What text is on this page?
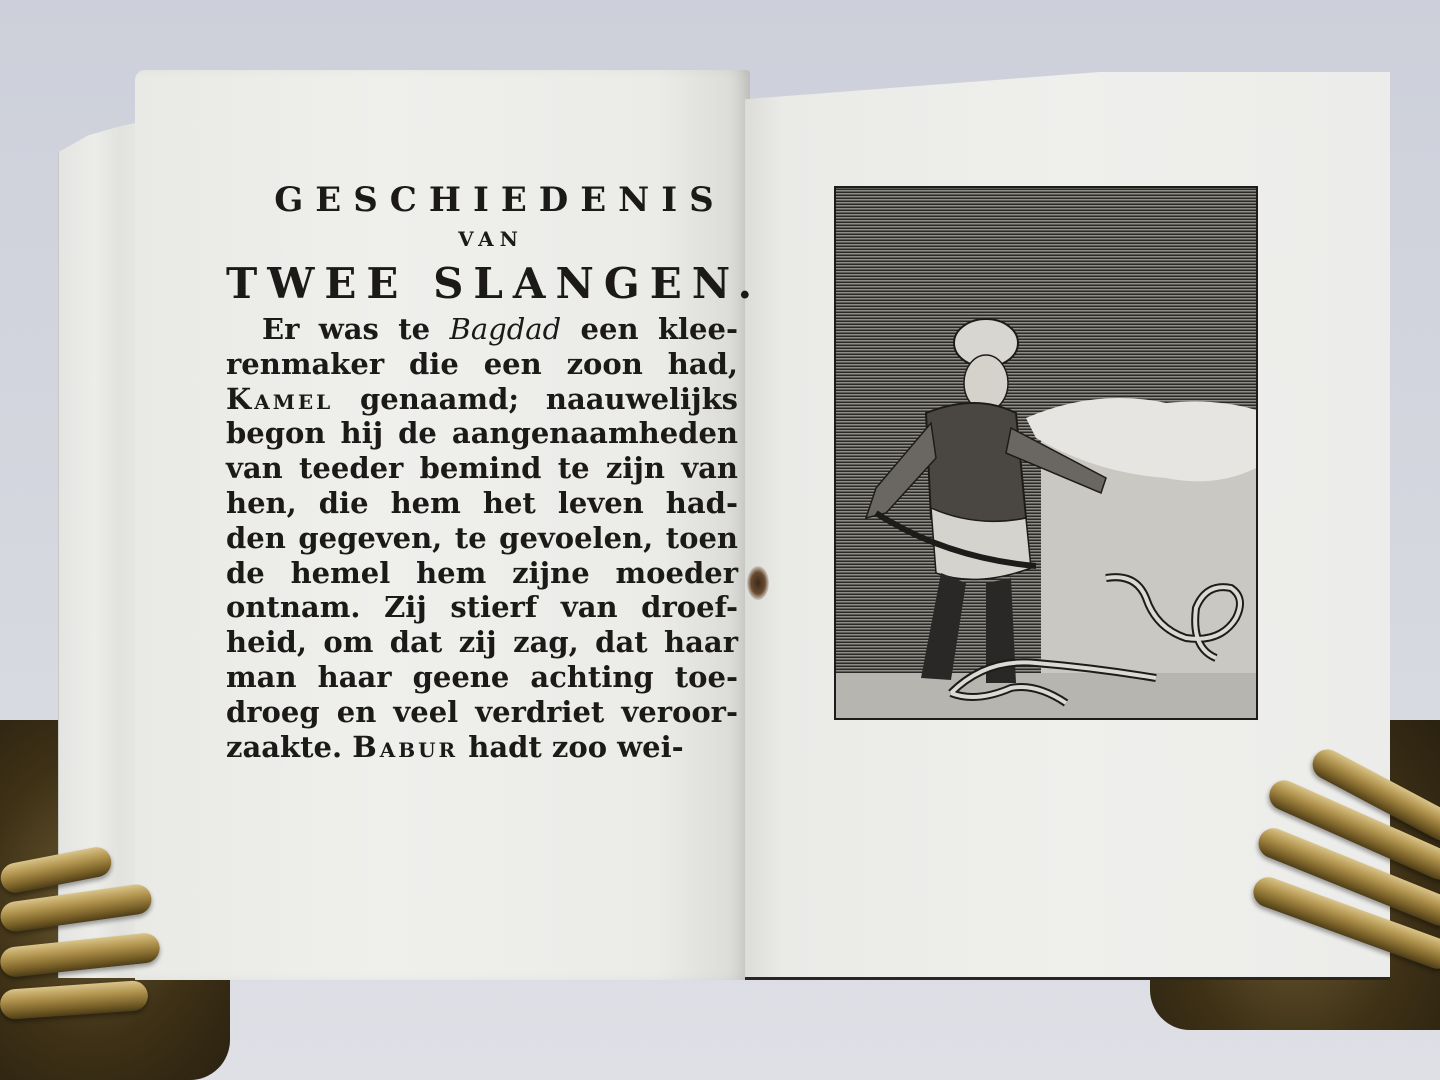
GESCHIEDENIS
VAN
TWEE SLANGEN.
Er was te Bagdad een klee-
renmaker die een zoon had,
Kamel genaamd; naauwelijks
begon hij de aangenaamheden
van teeder bemind te zijn van
hen, die hem het leven had-
den gegeven, te gevoelen, toen
de hemel hem zijne moeder
ontnam. Zij stierf van droef-
heid, om dat zij zag, dat haar
man haar geene achting toe-
droeg en veel verdriet veroor-
zaakte. Babur hadt zoo wei-
